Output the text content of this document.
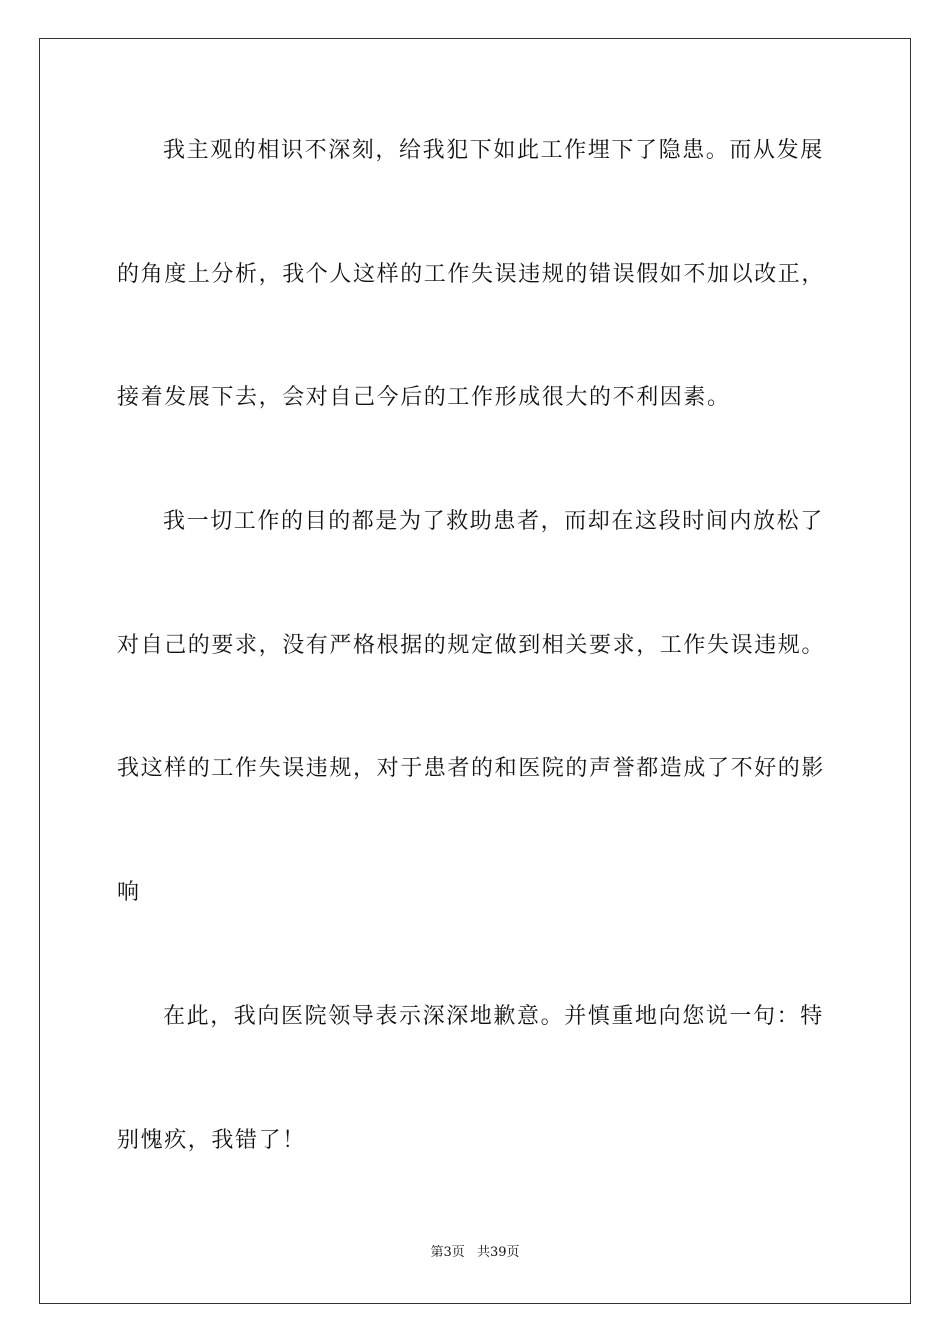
我主观的相识不深刻，给我犯下如此工作埋下了隐患。而从发展
的角度上分析，我个人这样的工作失误违规的错误假如不加以改正，
接着发展下去，会对自己今后的工作形成很大的不利因素。
我一切工作的目的都是为了救助患者，而却在这段时间内放松了
对自己的要求，没有严格根据的规定做到相关要求，工作失误违规。
我这样的工作失误违规，对于患者的和医院的声誉都造成了不好的影
响
在此，我向医院领导表示深深地歉意。并慎重地向您说一句：特
别愧疚，我错了！
第3页 共39页
